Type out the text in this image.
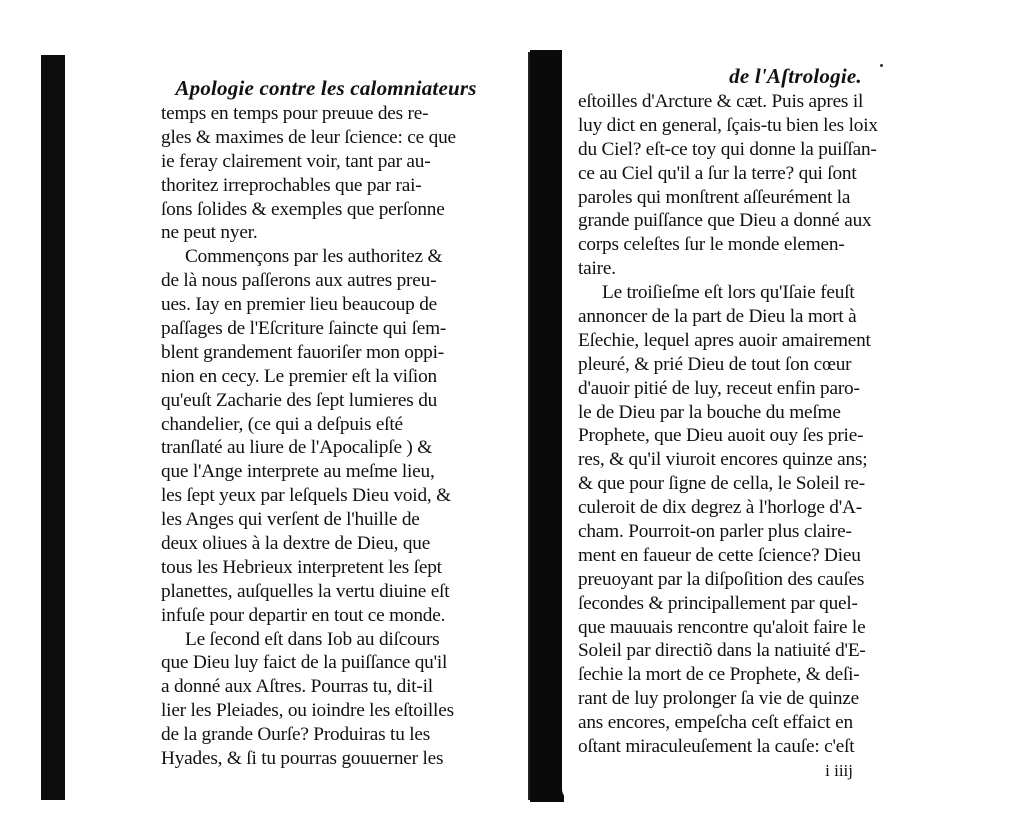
Apologie contre les calomniateurs

temps en temps pour preuue des re-
gles & maximes de leur ſcience: ce que
ie feray clairement voir, tant par au-
thoritez irreprochables que par rai-
ſons ſolides & exemples que perſonne
ne peut nyer.
Commençons par les authoritez &
de là nous paſſerons aux autres preu-
ues. Iay en premier lieu beaucoup de
paſſages de l'Eſcriture ſaincte qui ſem-
blent grandement fauoriſer mon oppi-
nion en cecy. Le premier eſt la viſion
qu'euſt Zacharie des ſept lumieres du
chandelier, (ce qui a deſpuis eſté
tranſlaté au liure de l'Apocalipſe ) &
que l'Ange interprete au meſme lieu,
les ſept yeux par leſquels Dieu void, &
les Anges qui verſent de l'huille de
deux oliues à la dextre de Dieu, que
tous les Hebrieux interpretent les ſept
planettes, auſquelles la vertu diuine eſt
infuſe pour departir en tout ce monde.
Le ſecond eſt dans Iob au diſcours
que Dieu luy faict de la puiſſance qu'il
a donné aux Aſtres. Pourras tu, dit-il
lier les Pleiades, ou ioindre les eſtoilles
de la grande Ourſe? Produiras tu les
Hyades, & ſi tu pourras gouuerner les

de l'Aſtrologie.

eſtoilles d'Arcture & cæt. Puis apres il
luy dict en general, ſçais-tu bien les loix
du Ciel? eſt-ce toy qui donne la puiſſan-
ce au Ciel qu'il a ſur la terre? qui ſont
paroles qui monſtrent aſſeurément la
grande puiſſance que Dieu a donné aux
corps celeſtes ſur le monde elemen-
taire.
Le troiſieſme eſt lors qu'Iſaie feuſt
annoncer de la part de Dieu la mort à
Eſechie, lequel apres auoir amairement
pleuré, & prié Dieu de tout ſon cœur
d'auoir pitié de luy, receut enfin paro-
le de Dieu par la bouche du meſme
Prophete, que Dieu auoit ouy ſes prie-
res, & qu'il viuroit encores quinze ans;
& que pour ſigne de cella, le Soleil re-
culeroit de dix degrez à l'horloge d'A-
cham. Pourroit-on parler plus claire-
ment en faueur de cette ſcience? Dieu
preuoyant par la diſpoſition des cauſes
ſecondes & principallement par quel-
que mauuais rencontre qu'aloit faire le
Soleil par directiõ dans la natiuité d'E-
ſechie la mort de ce Prophete, & deſi-
rant de luy prolonger ſa vie de quinze
ans encores, empeſcha ceſt effaict en
oſtant miraculeuſement la cauſe: c'eſt
i iiij
